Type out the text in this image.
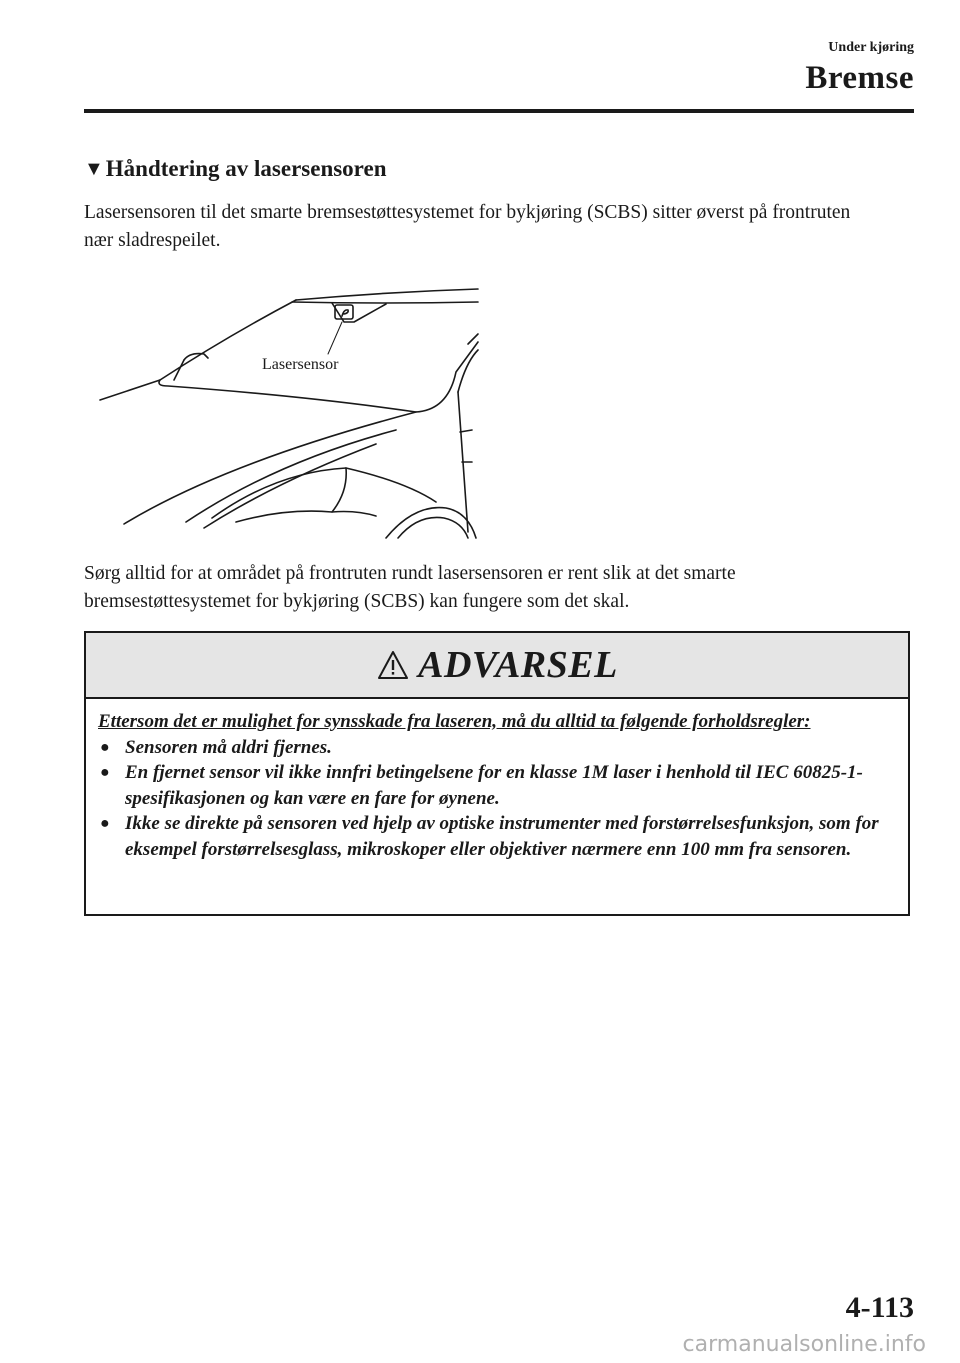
Under kjøring
Bremse
▼ Håndtering av lasersensoren
Lasersensoren til det smarte bremsestøttesystemet for bykjøring (SCBS) sitter øverst på frontruten nær sladrespeilet.
Lasersensor
Sørg alltid for at området på frontruten rundt lasersensoren er rent slik at det smarte bremsestøttesystemet for bykjøring (SCBS) kan fungere som det skal.
ADVARSEL
Ettersom det er mulighet for synsskade fra laseren, må du alltid ta følgende forholdsregler:
● Sensoren må aldri fjernes.
● En fjernet sensor vil ikke innfri betingelsene for en klasse 1M laser i henhold til IEC 60825-1-spesifikasjonen og kan være en fare for øynene.
● Ikke se direkte på sensoren ved hjelp av optiske instrumenter med forstørrelsesfunksjon, som for eksempel forstørrelsesglass, mikroskoper eller objektiver nærmere enn 100 mm fra sensoren.
4-113
carmanualsonline.info
